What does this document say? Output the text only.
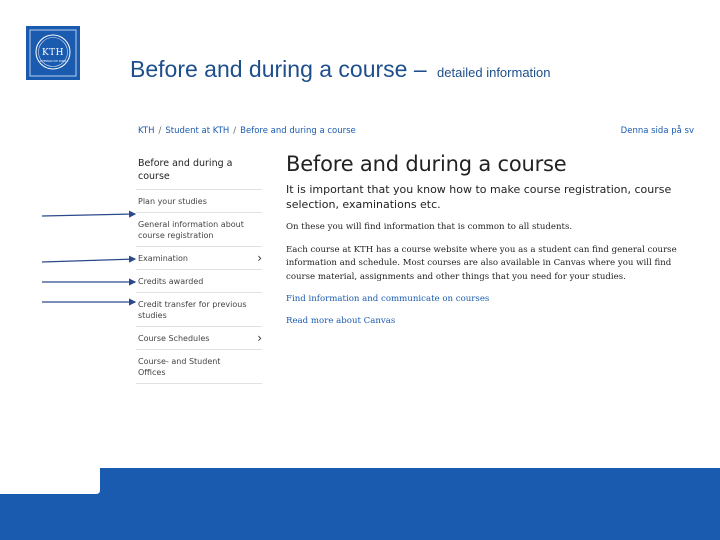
KTH
VETENSKAP OCH KONST	Before and during a course – detailed information
KTH / Student at KTH / Before and during a course	Denna sida på sv
Before and during a course
Plan your studies
General information about course registration
Examination	›
Credits awarded
Credit transfer for previous studies
Course Schedules	›
Course- and Student Offices
Before and during a course

It is important that you know how to make course registration, course selection, examinations etc.

On these you will find information that is common to all students.

Each course at KTH has a course website where you as a student can find general course information and schedule. Most courses are also available in Canvas where you will find course material, assignments and other things that you need for your studies.

Find information and communicate on courses
Read more about Canvas
